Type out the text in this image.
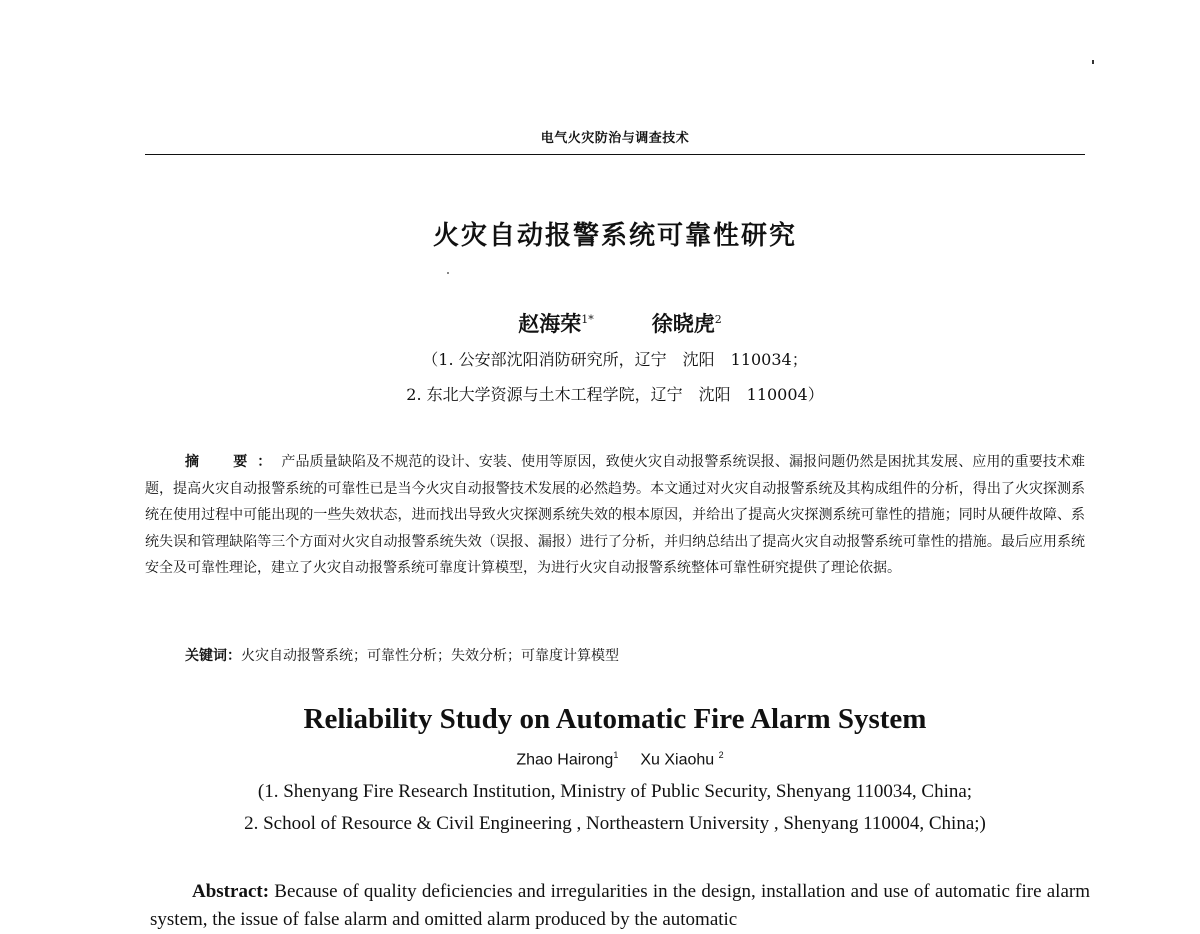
电气火灾防治与调查技术
火灾自动报警系统可靠性研究
赵海荣$^{1*}$	徐晓虎$^2$
（1. 公安部沈阳消防研究所，辽宁　沈阳　110034；
2. 东北大学资源与土木工程学院，辽宁　沈阳　110004）

摘　要：产品质量缺陷及不规范的设计、安装、使用等原因，致使火灾自动报警系统误报、漏报问题仍然是困扰其发展、应用的重要技术难题，提高火灾自动报警系统的可靠性已是当今火灾自动报警技术发展的必然趋势。本文通过对火灾自动报警系统及其构成组件的分析，得出了火灾探测系统在使用过程中可能出现的一些失效状态，进而找出导致火灾探测系统失效的根本原因，并给出了提高火灾探测系统可靠性的措施；同时从硬件故障、系统失误和管理缺陷等三个方面对火灾自动报警系统失效（误报、漏报）进行了分析，并归纳总结出了提高火灾自动报警系统可靠性的措施。最后应用系统安全及可靠性理论，建立了火灾自动报警系统可靠度计算模型，为进行火灾自动报警系统整体可靠性研究提供了理论依据。

关键词：火灾自动报警系统；可靠性分析；失效分析；可靠度计算模型
Reliability Study on Automatic Fire Alarm System
Zhao Hairong$^1$ Xu Xiaohu $^2$
(1. Shenyang Fire Research Institution, Ministry of Public Security, Shenyang 110034, China;
2. School of Resource & Civil Engineering , Northeastern University , Shenyang 110004, China;)

Abstract: Because of quality deficiencies and irregularities in the design, installation and use of automatic fire alarm system, the issue of false alarm and omitted alarm produced by the automatic
